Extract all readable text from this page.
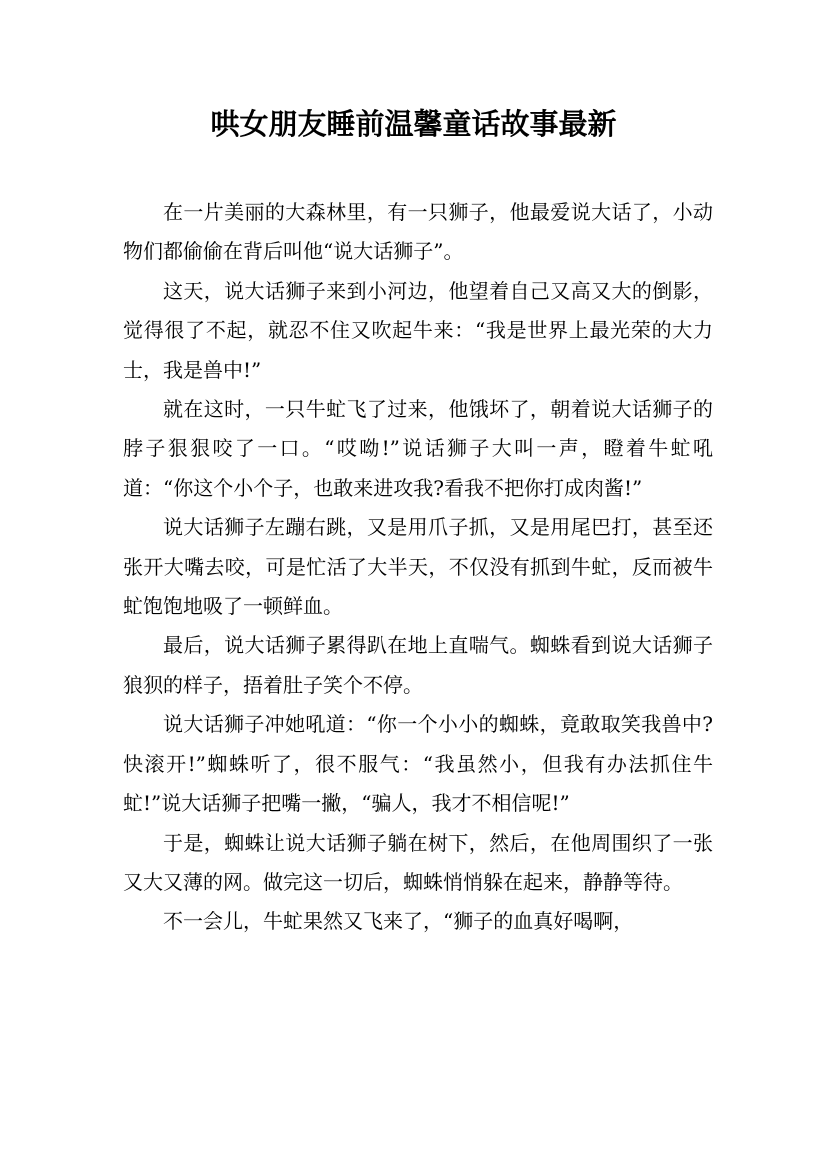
哄女朋友睡前温馨童话故事最新

在一片美丽的大森林里，有一只狮子，他最爱说大话了，小动物们都偷偷在背后叫他“说大话狮子”。

这天，说大话狮子来到小河边，他望着自己又高又大的倒影，觉得很了不起，就忍不住又吹起牛来：“我是世界上最光荣的大力士，我是兽中!”

就在这时，一只牛虻飞了过来，他饿坏了，朝着说大话狮子的脖子狠狠咬了一口。“哎呦!”说话狮子大叫一声，瞪着牛虻吼道：“你这个小个子，也敢来进攻我?看我不把你打成肉酱!”

说大话狮子左蹦右跳，又是用爪子抓，又是用尾巴打，甚至还张开大嘴去咬，可是忙活了大半天，不仅没有抓到牛虻，反而被牛虻饱饱地吸了一顿鲜血。

最后，说大话狮子累得趴在地上直喘气。蜘蛛看到说大话狮子狼狈的样子，捂着肚子笑个不停。

说大话狮子冲她吼道：“你一个小小的蜘蛛，竟敢取笑我兽中?快滚开!”蜘蛛听了，很不服气：“我虽然小，但我有办法抓住牛虻!”说大话狮子把嘴一撇，“骗人，我才不相信呢!”

于是，蜘蛛让说大话狮子躺在树下，然后，在他周围织了一张又大又薄的网。做完这一切后，蜘蛛悄悄躲在起来，静静等待。

不一会儿，牛虻果然又飞来了，“狮子的血真好喝啊，
